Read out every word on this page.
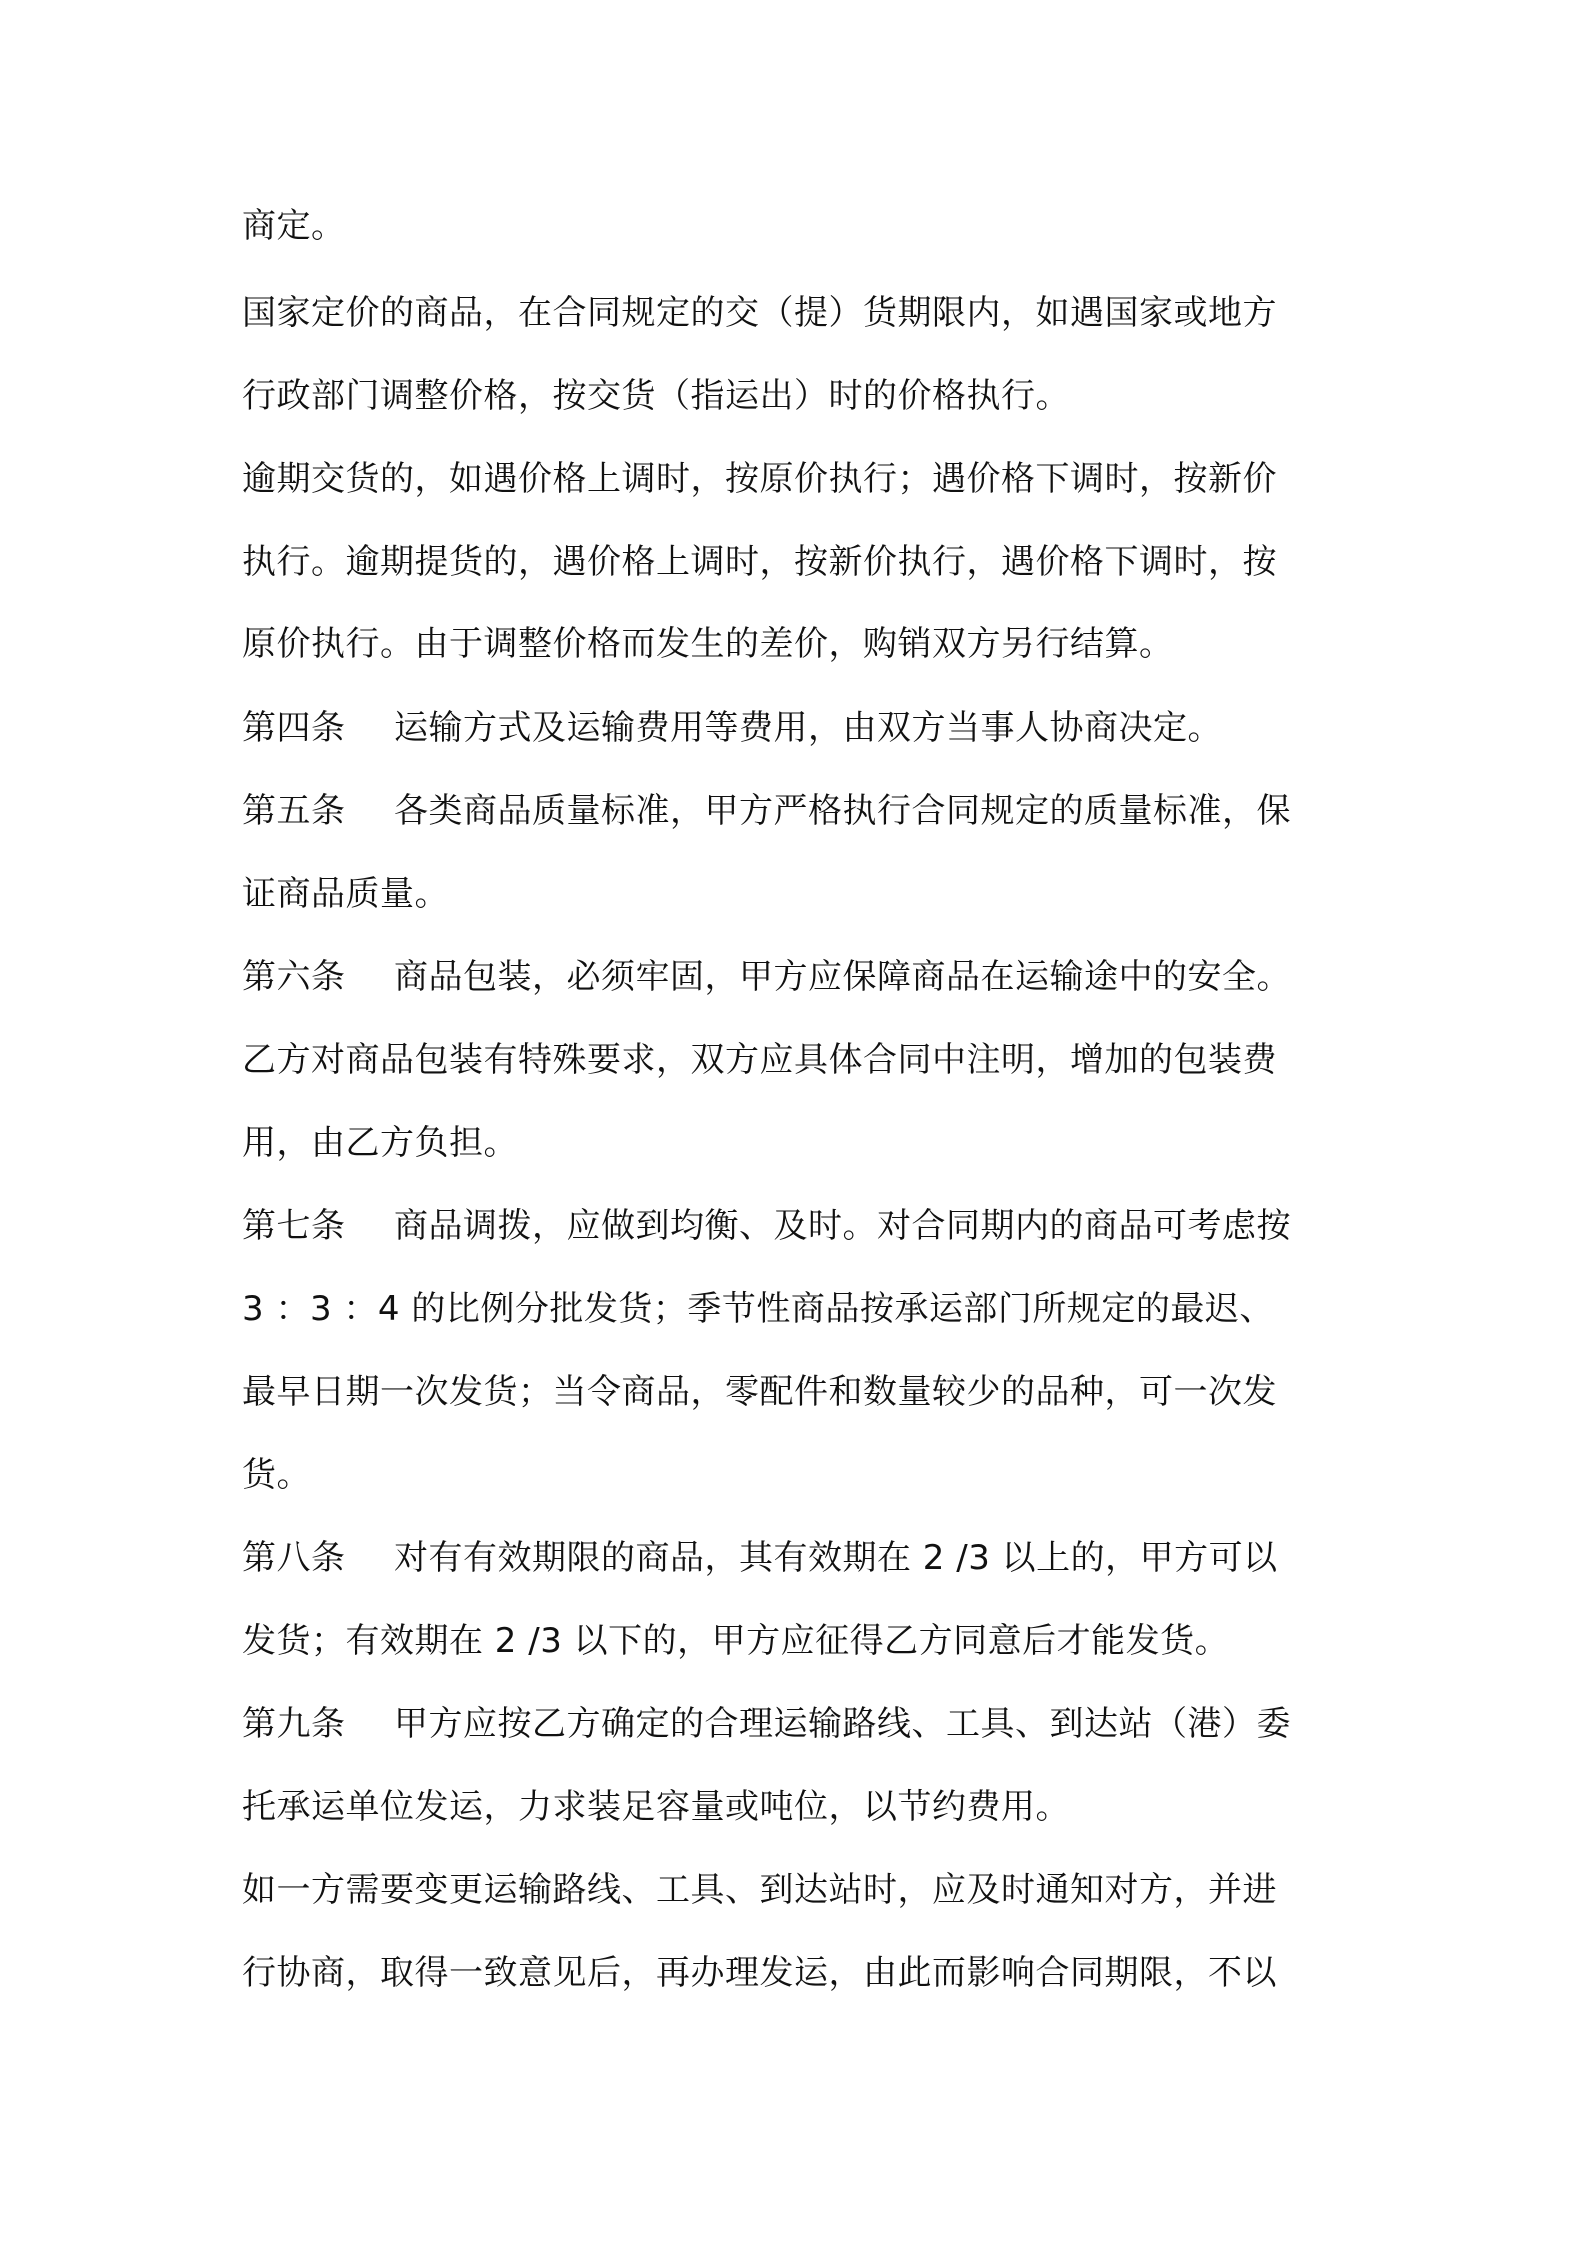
商定。
国家定价的商品，在合同规定的交（提）货期限内，如遇国家或地方
行政部门调整价格，按交货（指运出）时的价格执行。
逾期交货的，如遇价格上调时，按原价执行；遇价格下调时，按新价
执行。逾期提货的，遇价格上调时，按新价执行，遇价格下调时，按
原价执行。由于调整价格而发生的差价，购销双方另行结算。
第四条 运输方式及运输费用等费用，由双方当事人协商决定。
第五条 各类商品质量标准，甲方严格执行合同规定的质量标准，保
证商品质量。
第六条 商品包装，必须牢固，甲方应保障商品在运输途中的安全。
乙方对商品包装有特殊要求，双方应具体合同中注明，增加的包装费
用，由乙方负担。
第七条 商品调拨，应做到均衡、及时。对合同期内的商品可考虑按
3 ：3 ：4 的比例分批发货；季节性商品按承运部门所规定的最迟、
最早日期一次发货；当令商品，零配件和数量较少的品种，可一次发
货。
第八条 对有有效期限的商品，其有效期在 2 /3 以上的，甲方可以
发货；有效期在 2 /3 以下的，甲方应征得乙方同意后才能发货。
第九条 甲方应按乙方确定的合理运输路线、工具、到达站（港）委
托承运单位发运，力求装足容量或吨位，以节约费用。
如一方需要变更运输路线、工具、到达站时，应及时通知对方，并进
行协商，取得一致意见后，再办理发运，由此而影响合同期限，不以
